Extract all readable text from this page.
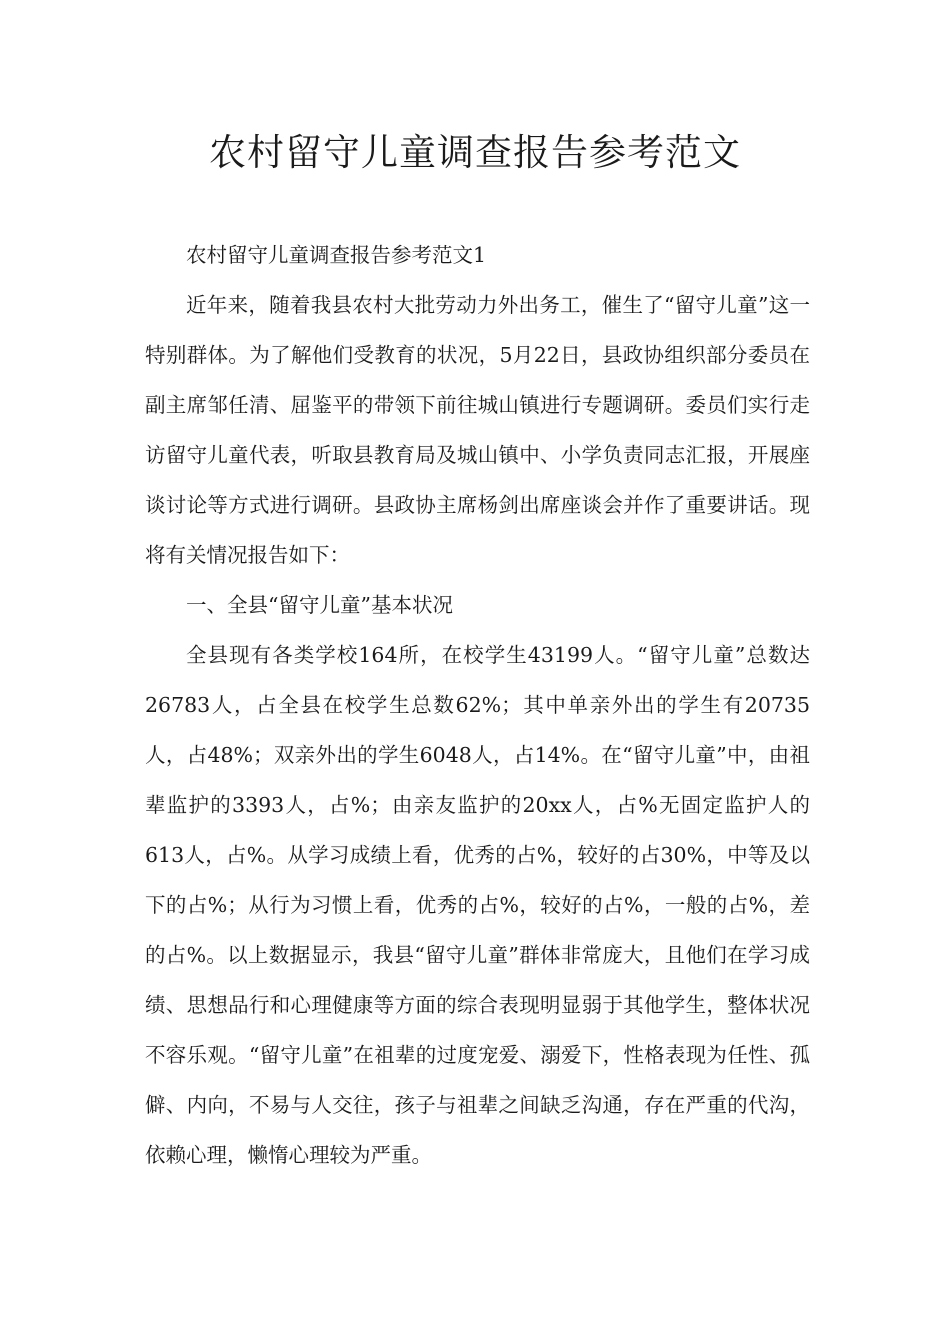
农村留守儿童调查报告参考范文

农村留守儿童调查报告参考范文1

近年来，随着我县农村大批劳动力外出务工，催生了“留守儿童”这一特别群体。为了解他们受教育的状况，5月22日，县政协组织部分委员在副主席邹任清、屈鉴平的带领下前往城山镇进行专题调研。委员们实行走访留守儿童代表，听取县教育局及城山镇中、小学负责同志汇报，开展座谈讨论等方式进行调研。县政协主席杨剑出席座谈会并作了重要讲话。现将有关情况报告如下：

一、全县“留守儿童”基本状况

全县现有各类学校164所，在校学生43199人。“留守儿童”总数达26783人，占全县在校学生总数62%；其中单亲外出的学生有20735人，占48%；双亲外出的学生6048人，占14%。在“留守儿童”中，由祖辈监护的3393人，占%；由亲友监护的20xx人，占%无固定监护人的613人，占%。从学习成绩上看，优秀的占%，较好的占30%，中等及以下的占%；从行为习惯上看，优秀的占%，较好的占%，一般的占%，差的占%。以上数据显示，我县“留守儿童”群体非常庞大，且他们在学习成绩、思想品行和心理健康等方面的综合表现明显弱于其他学生，整体状况不容乐观。“留守儿童”在祖辈的过度宠爱、溺爱下，性格表现为任性、孤僻、内向，不易与人交往，孩子与祖辈之间缺乏沟通，存在严重的代沟，依赖心理，懒惰心理较为严重。
